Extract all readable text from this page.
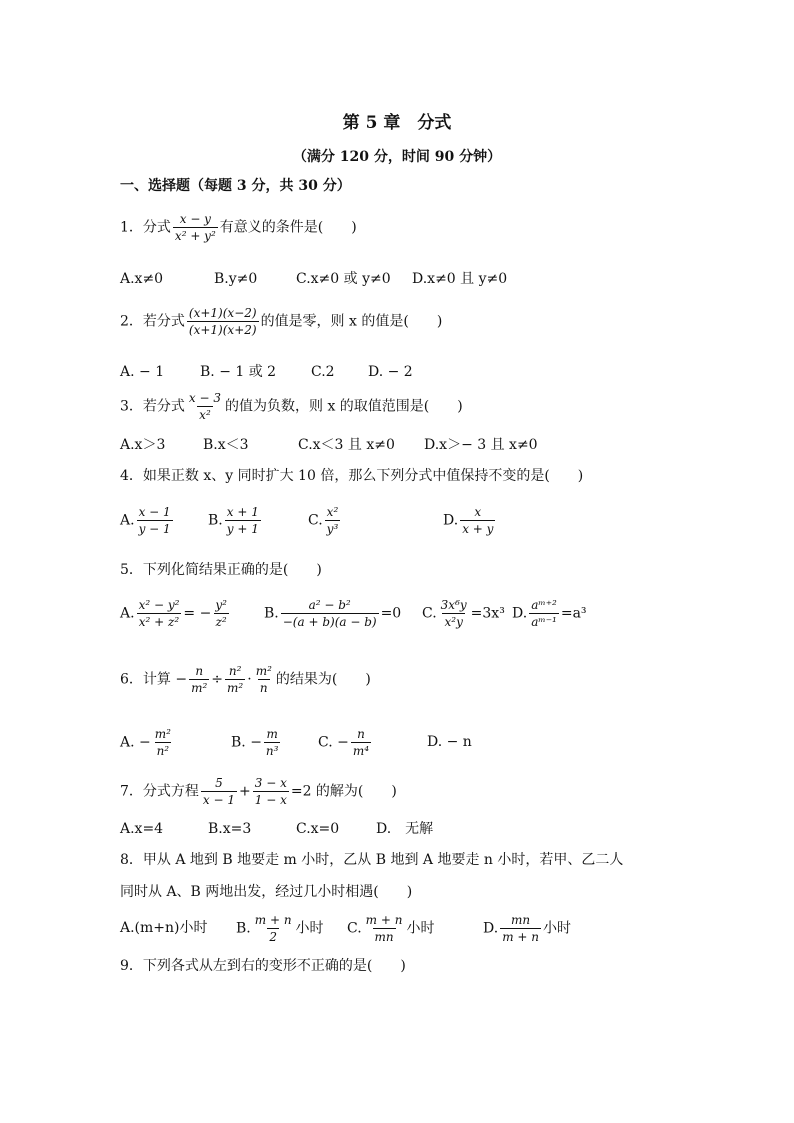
第 5 章　分式
（满分 120 分，时间 90 分钟）
一、选择题（每题 3 分，共 30 分）
1．分式 $\frac{x - y}{\text{x² + y²}}$ 有意义的条件是(　　)
A.x≠0	B.y≠0	C.x≠0 或 y≠0 D.x≠0 且 y≠0
2．若分式 $\frac{(x+1)(x-2)}{(x+1)(x+2)}$ 的值是零，则 x 的值是(　　)
A. − 1	B. − 1 或 2 C.2 D. − 2
3．若分式 $\frac{x - 3}{\text{x²}}$ 的值为负数，则 x 的取值范围是(　　)
A.x＞3	B.x＜3	C.x＜3 且 x≠0 D.x＞− 3 且 x≠0
4．如果正数 x、y 同时扩大 10 倍，那么下列分式中值保持不变的是(　　)
A. $\frac{x - 1}{y - 1}$	B. $\frac{x + 1}{y + 1}$	C. $\frac{\text{x²}}{\text{y³}}$	D. $\frac{x}{x + y}$
5．下列化简结果正确的是(　　)
A. $\frac{\text{x² − y²}}{\text{x² + z²}}$ = − $\frac{\text{y²}}{\text{z²}}$	B. $\frac{\text{a² − b²}}{-(a + b)(a - b)} =0$ C. $\frac{\text{3x⁶y}}{\text{x²y}} =3x^3$ D. $\frac{\text{aᵐ⁺²}}{\text{aᵐ⁻¹}} =a^3$
6．计算 − $\frac{n}{\text{m²}} \div \frac{\text{n²}}{\text{m²}} \cdot \frac{\text{m²}}{n}$ 的结果为(　　)
A. − $\frac{\text{m²}}{\text{n²}}$	B. − $\frac{m}{\text{n³}}$	C. − $\frac{n}{\text{m⁴}}$	D. − n
7．分式方程 $\frac{5}{x - 1} + \frac{3 - x}{1 - x} =2$ 的解为(　　)
A.x=4	B.x=3	C.x=0	D.　无解
8．甲从 A 地到 B 地要走 m 小时，乙从 B 地到 A 地要走 n 小时，若甲、乙二人
同时从 A、B 两地出发，经过几小时相遇(　　)
A.(m+n)小时 B. $\frac{m + n}{2}$ 小时 C. $\frac{m + n}{mn}$ 小时	D. $\frac{mn}{m + n}$ 小时
9．下列各式从左到右的变形不正确的是(　　)
